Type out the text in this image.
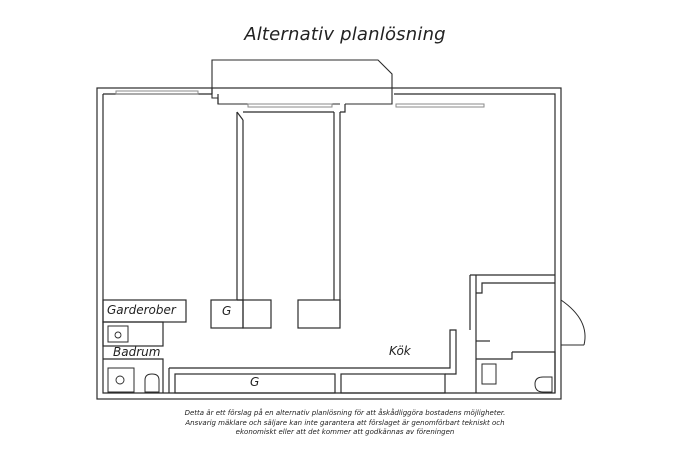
Alternativ planlösning
Garderober
Badrum	Kök
G
G
Detta är ett förslag på en alternativ planlösning för att åskådliggöra bostadens möjligheter.
Ansvarig mäklare och säljare kan inte garantera att förslaget är genomförbart tekniskt och
ekonomiskt eller att det kommer att godkännas av föreningen
